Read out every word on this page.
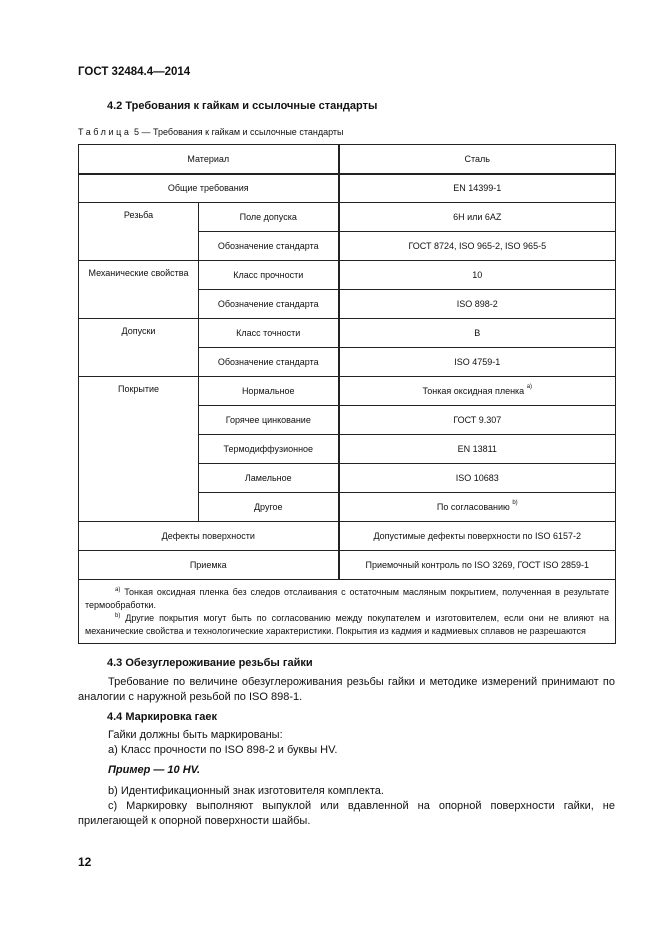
ГОСТ 32484.4—2014
4.2 Требования к гайкам и ссылочные стандарты
Таблица 5 — Требования к гайкам и ссылочные стандарты
Материал		Сталь
Общие требования		EN 14399-1
Резьба	Поле допуска	6H или 6AZ
	Обозначение стандарта	ГОСТ 8724, ISO 965-2, ISO 965-5
Механические свойства	Класс прочности	10
	Обозначение стандарта	ISO 898-2
Допуски	Класс точности	B
	Обозначение стандарта	ISO 4759-1
Покрытие	Нормальное	Тонкая оксидная пленка $^{a)}$
	Горячее цинкование	ГОСТ 9.307
	Термодиффузионное	EN 13811
	Ламельное	ISO 10683
	Другое	По согласованию $^{b)}$
Дефекты поверхности		Допустимые дефекты поверхности по ISO 6157-2
Приемка		Приемочный контроль по ISO 3269, ГОСТ ISO 2859-1

$^{a)}$ Тонкая оксидная пленка без следов отслаивания с остаточным масляным покрытием, полученная в результате термообработки.

$^{b)}$ Другие покрытия могут быть по согласованию между покупателем и изготовителем, если они не влияют на механические свойства и технологические характеристики. Покрытия из кадмия и кадмиевых сплавов не разрешаются		

4.3 Обезуглероживание резьбы гайки

Требование по величине обезуглероживания резьбы гайки и методике измерений принимают по аналогии с наружной резьбой по ISO 898-1.

4.4 Маркировка гаек

Гайки должны быть маркированы:

а) Класс прочности по ISO 898-2 и буквы HV.

Пример — 10 HV.

b) Идентификационный знак изготовителя комплекта.

с) Маркировку выполняют выпуклой или вдавленной на опорной поверхности гайки, не прилегающей к опорной поверхности шайбы.

12
